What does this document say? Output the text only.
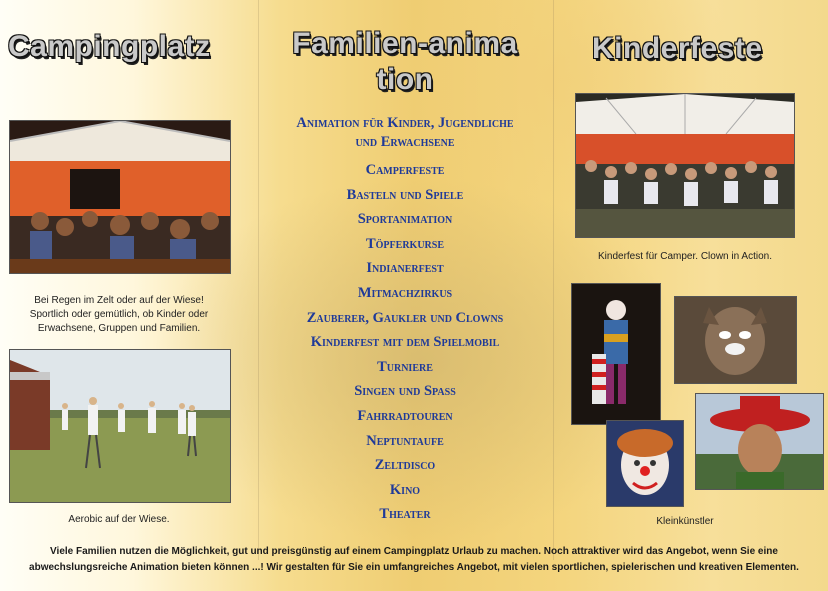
Campingplatz

Bei Regen im Zelt oder auf der Wiese! Sportlich oder gemütlich, ob Kinder oder Erwachsene, Gruppen und Familien.

Aerobic auf der Wiese.

Familien-animation
Animation für Kinder, Jugendliche und Erwachsene
Camperfeste
Basteln und Spiele
Sportanimation
Töpferkurse
Indianerfest
Mitmachzirkus
Zauberer, Gaukler und Clowns
Kinderfest mit dem Spielmobil
Turniere
Singen und Spass
Fahrradtouren
Neptuntaufe
Zeltdisco
Kino
Theater
Kinderfeste

Kinderfest für Camper. Clown in Action.

Kleinkünstler

Viele Familien nutzen die Möglichkeit, gut und preisgünstig auf einem Campingplatz Urlaub zu machen. Noch attraktiver wird das Angebot, wenn Sie eine abwechslungsreiche Animation bieten können ...! Wir gestalten für Sie ein umfangreiches Angebot, mit vielen sportlichen, spielerischen und kreativen Elementen.
